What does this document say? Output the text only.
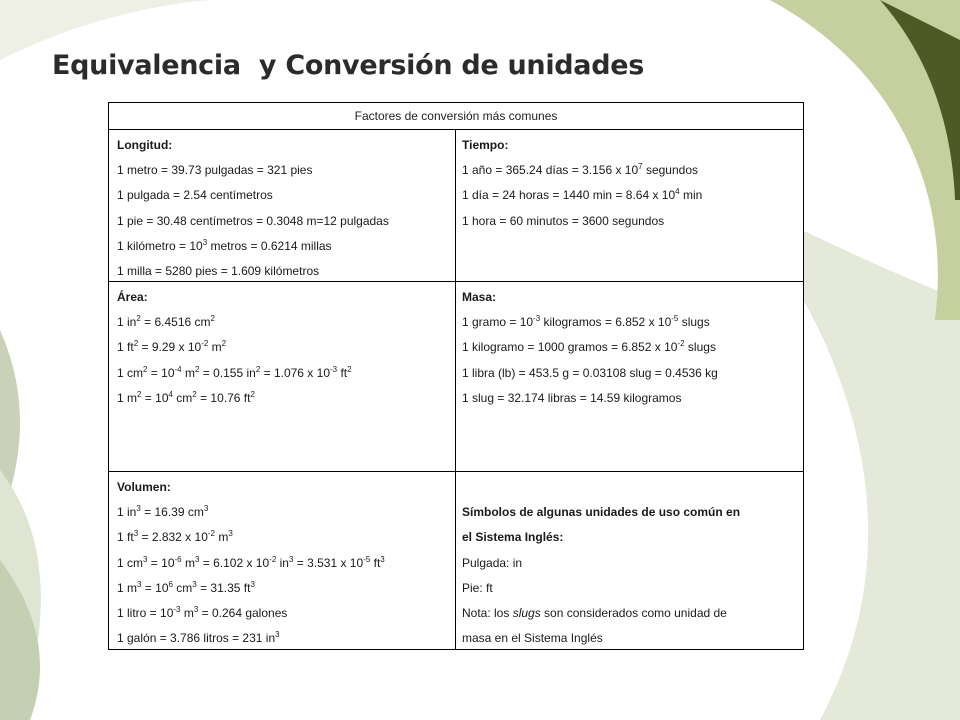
Equivalencia  y Conversión de unidades
Factores de conversión más comunes
Longitud:
1 metro = 39.73 pulgadas = 321 pies
1 pulgada = 2.54 centímetros
1 pie = 30.48 centímetros = 0.3048 m=12 pulgadas
1 kilómetro = $10^3$ metros = 0.6214 millas
1 milla = 5280 pies = 1.609 kilómetros
Tiempo:
1 año = 365.24 días = 3.156 x $10^7$ segundos
1 día = 24 horas = 1440 min = 8.64 x $10^4$ min
1 hora = 60 minutos = 3600 segundos
Área:
1 $in^2 = 6.4516$ $cm^2$
1 $ft^2 = 9.29$ x $10^{-2}$ $m^2$
1 $cm^2 = 10^{-4}$ $m^2 = 0.155$ $in^2 = 1.076$ x $10^{-3}$ $ft^2$
1 $m^2 = 10^4$ $cm^2 = 10.76$ $ft^2$
Masa:
1 gramo = $10^{-3}$ kilogramos = 6.852 x $10^{-5}$ slugs
1 kilogramo = 1000 gramos = 6.852 x $10^{-2}$ slugs
1 libra (lb) = 453.5 g = 0.03108 slug = 0.4536 kg
1 slug = 32.174 libras = 14.59 kilogramos
Volumen:
1 $in^3 = 16.39$ $cm^3$
1 $ft^3 = 2.832$ x $10^{-2}$ $m^3$
1 $cm^3 = 10^{-6}$ $m^3 = 6.102$ x $10^{-2}$ $in^3 = 3.531$ x $10^{-5}$ $ft^3$
1 $m^3 = 10^6$ $cm^3 = 31.35$ $ft^3$
1 litro = $10^{-3}$ $m^3 = 0.264$ galones
1 galón = 3.786 litros = 231 $in^3$
Símbolos de algunas unidades de uso común en
el Sistema Inglés:
Pulgada: in
Pie: ft
Nota: los slugs son considerados como unidad de
masa en el Sistema Inglés
